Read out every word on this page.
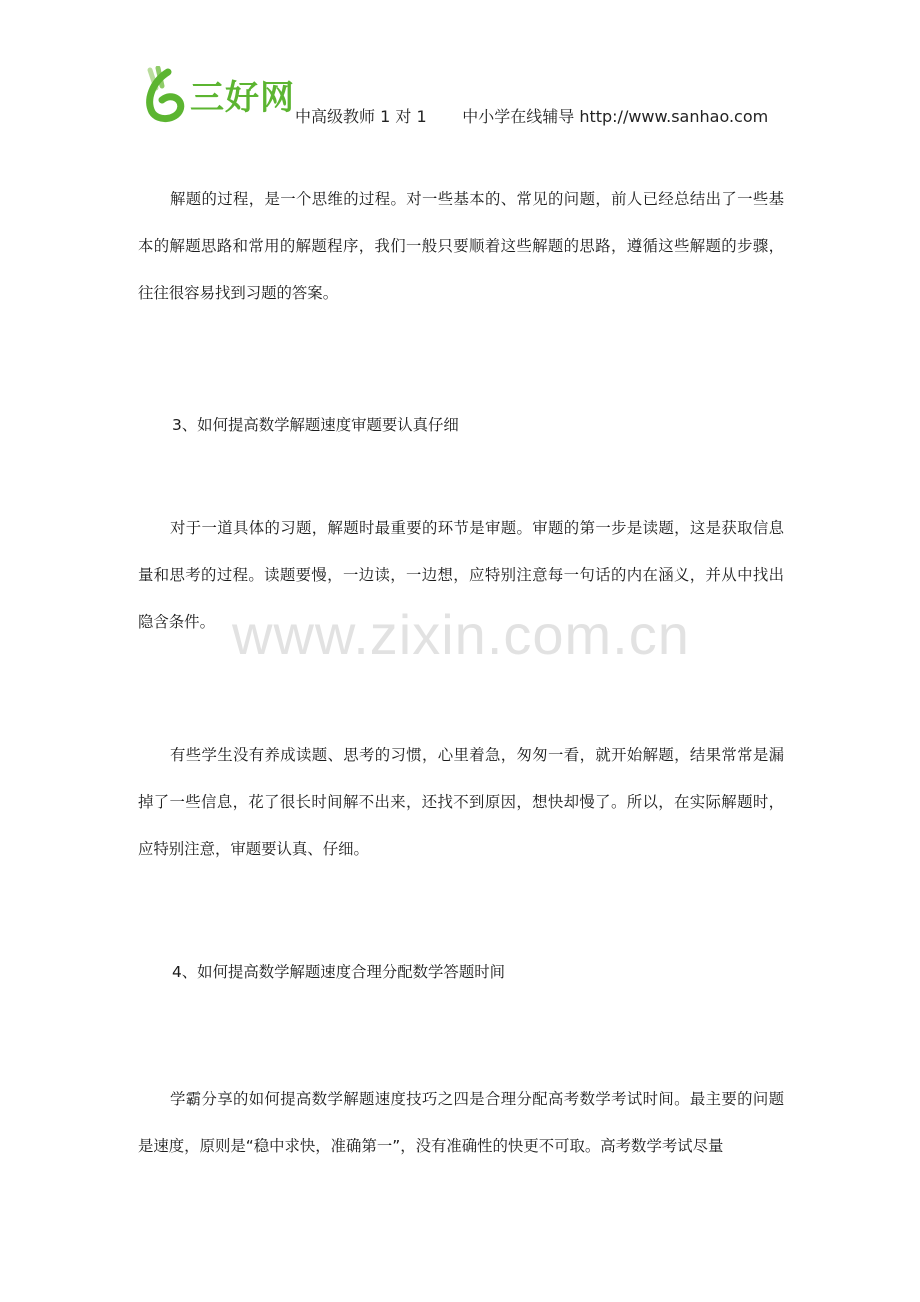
三好网 中高级教师 1 对 1 中小学在线辅导 http://www.sanhao.com

解题的过程，是一个思维的过程。对一些基本的、常见的问题，前人已经总结出了一些基本的解题思路和常用的解题程序，我们一般只要顺着这些解题的思路，遵循这些解题的步骤，往往很容易找到习题的答案。

3、如何提高数学解题速度审题要认真仔细

对于一道具体的习题，解题时最重要的环节是审题。审题的第一步是读题，这是获取信息量和思考的过程。读题要慢，一边读，一边想，应特别注意每一句话的内在涵义，并从中找出隐含条件。

有些学生没有养成读题、思考的习惯，心里着急，匆匆一看，就开始解题，结果常常是漏掉了一些信息，花了很长时间解不出来，还找不到原因，想快却慢了。所以，在实际解题时，应特别注意，审题要认真、仔细。

4、如何提高数学解题速度合理分配数学答题时间

学霸分享的如何提高数学解题速度技巧之四是合理分配高考数学考试时间。最主要的问题是速度，原则是“稳中求快，准确第一”，没有准确性的快更不可取。高考数学考试尽量

www.zixin.com.cn
